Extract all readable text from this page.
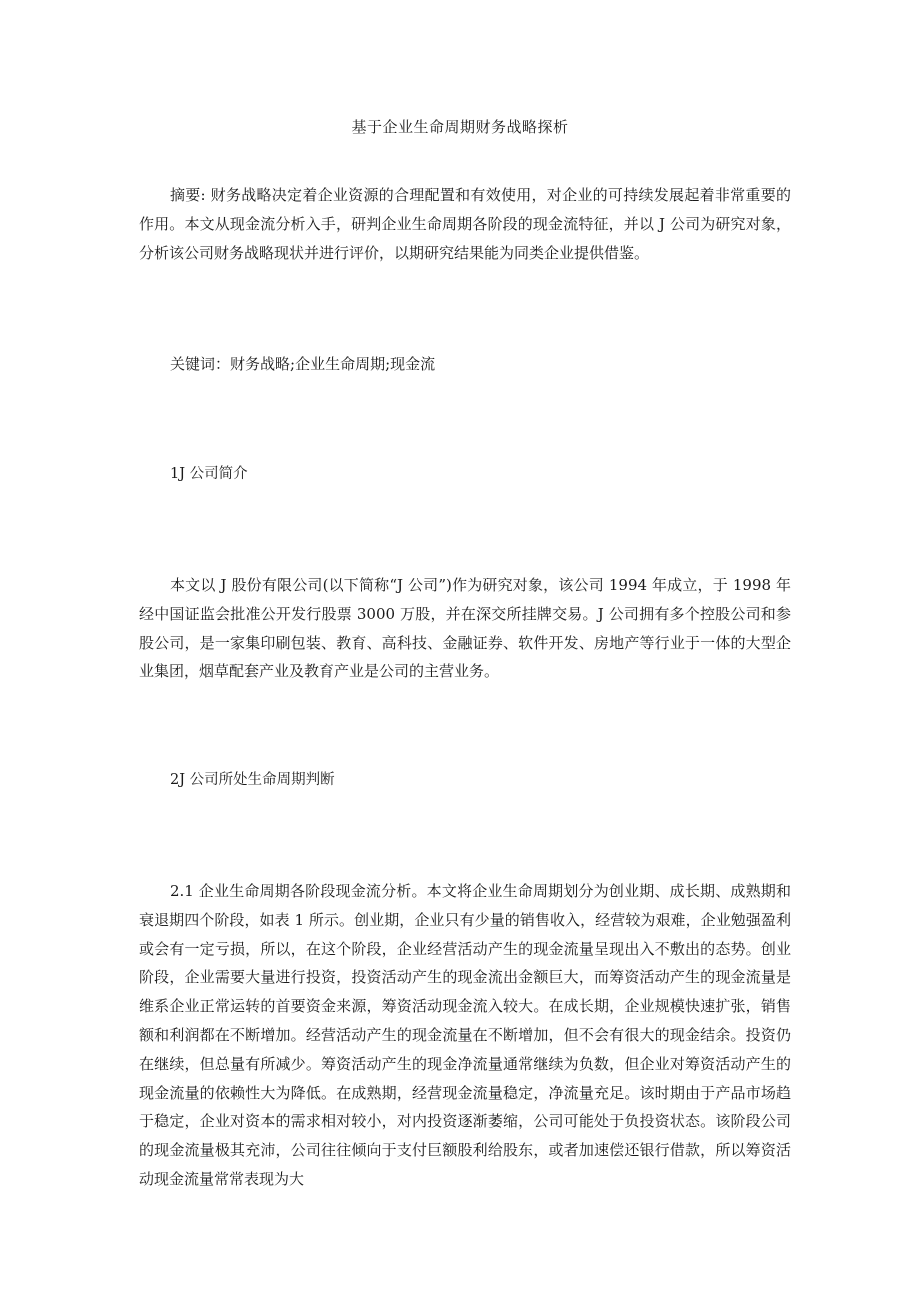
基于企业生命周期财务战略探析

摘要: 财务战略决定着企业资源的合理配置和有效使用，对企业的可持续发展起着非常重要的作用。本文从现金流分析入手，研判企业生命周期各阶段的现金流特征，并以 J 公司为研究对象，分析该公司财务战略现状并进行评价，以期研究结果能为同类企业提供借鉴。

关键词：财务战略;企业生命周期;现金流

1J 公司简介

本文以 J 股份有限公司(以下简称“J 公司”)作为研究对象，该公司 1994 年成立，于 1998 年经中国证监会批准公开发行股票 3000 万股，并在深交所挂牌交易。J 公司拥有多个控股公司和参股公司，是一家集印刷包装、教育、高科技、金融证券、软件开发、房地产等行业于一体的大型企业集团，烟草配套产业及教育产业是公司的主营业务。

2J 公司所处生命周期判断

2.1 企业生命周期各阶段现金流分析。本文将企业生命周期划分为创业期、成长期、成熟期和衰退期四个阶段，如表 1 所示。创业期，企业只有少量的销售收入，经营较为艰难，企业勉强盈利或会有一定亏损，所以，在这个阶段，企业经营活动产生的现金流量呈现出入不敷出的态势。创业阶段，企业需要大量进行投资，投资活动产生的现金流出金额巨大，而筹资活动产生的现金流量是维系企业正常运转的首要资金来源，筹资活动现金流入较大。在成长期，企业规模快速扩张，销售额和利润都在不断增加。经营活动产生的现金流量在不断增加，但不会有很大的现金结余。投资仍在继续，但总量有所减少。筹资活动产生的现金净流量通常继续为负数，但企业对筹资活动产生的现金流量的依赖性大为降低。在成熟期，经营现金流量稳定，净流量充足。该时期由于产品市场趋于稳定，企业对资本的需求相对较小，对内投资逐渐萎缩，公司可能处于负投资状态。该阶段公司的现金流量极其充沛，公司往往倾向于支付巨额股利给股东，或者加速偿还银行借款，所以筹资活动现金流量常常表现为大
